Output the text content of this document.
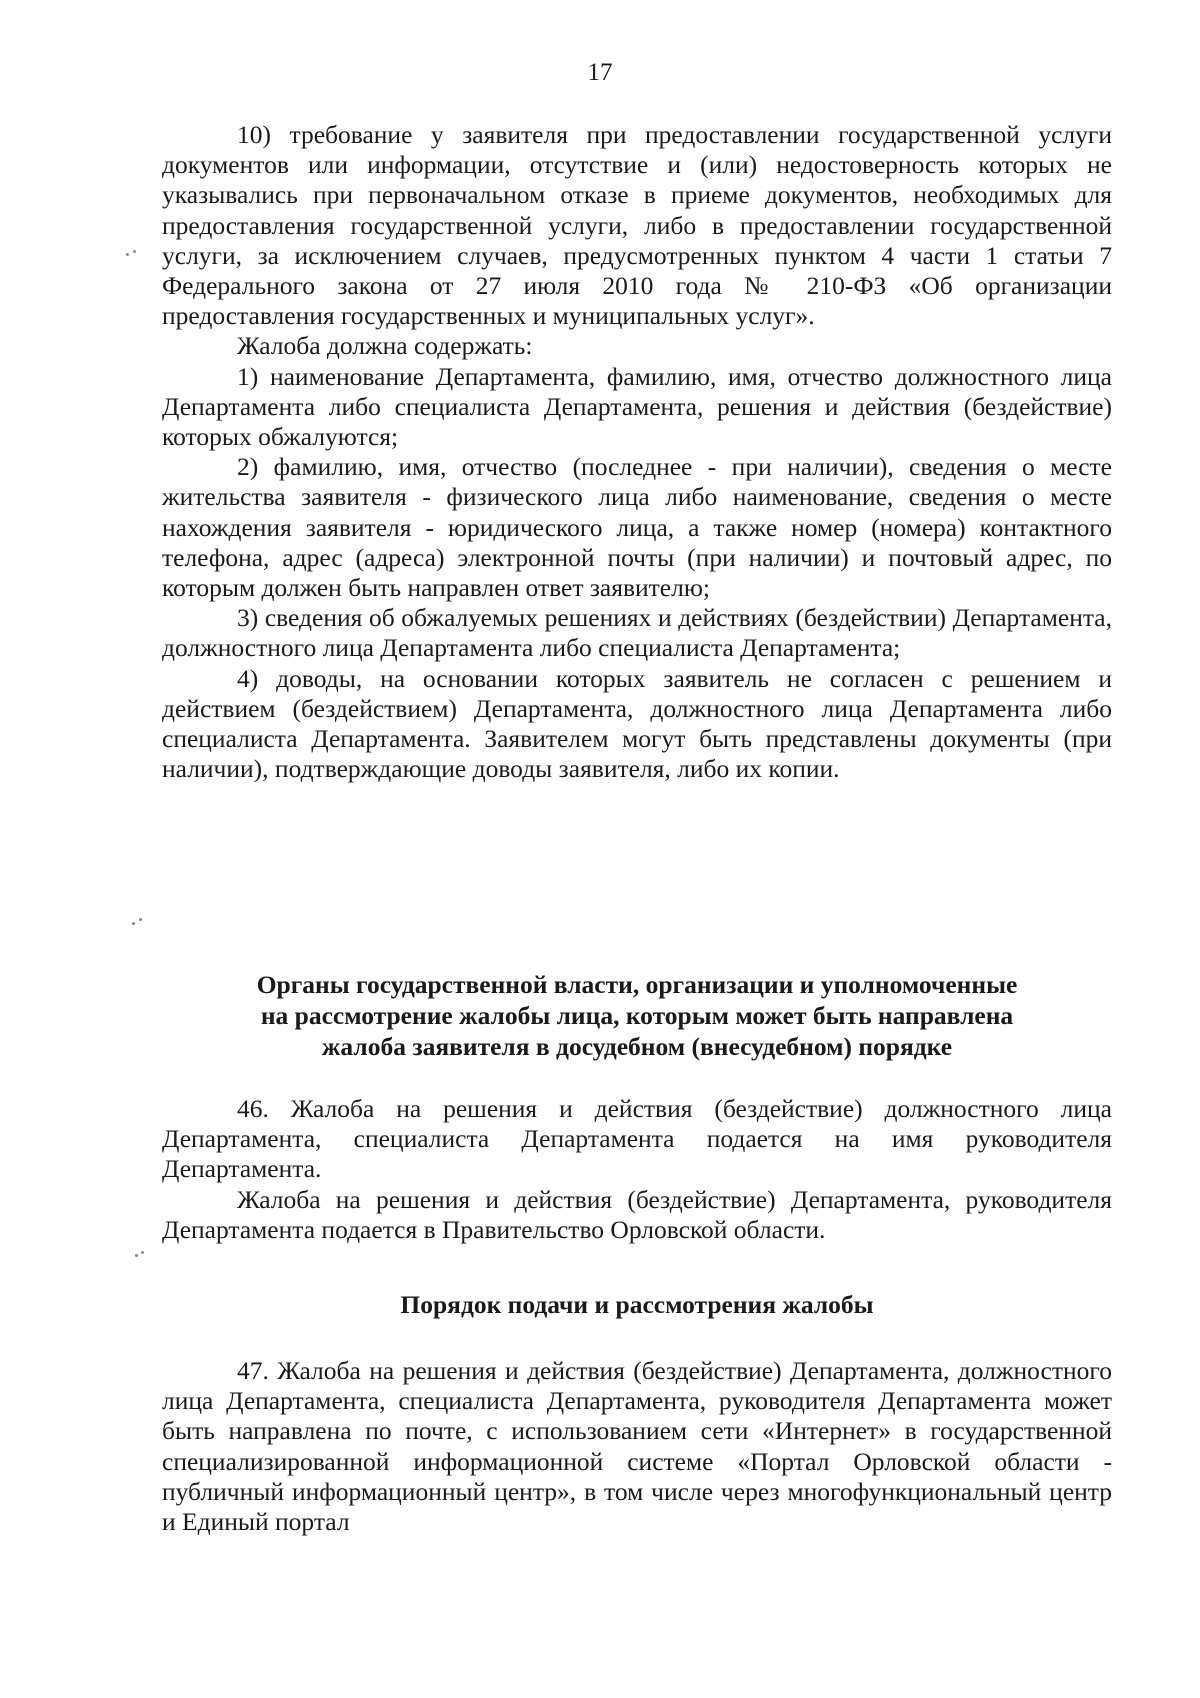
17

10) требование у заявителя при предоставлении государственной услуги документов или информации, отсутствие и (или) недостоверность которых не указывались при первоначальном отказе в приеме документов, необходимых для предоставления государственной услуги, либо в предоставлении государственной услуги, за исключением случаев, предусмотренных пунктом 4 части 1 статьи 7 Федерального закона от 27 июля 2010 года № 210-ФЗ «Об организации предоставления государственных и муниципальных услуг».

Жалоба должна содержать:

1) наименование Департамента, фамилию, имя, отчество должностного лица Департамента либо специалиста Департамента, решения и действия (бездействие) которых обжалуются;

2) фамилию, имя, отчество (последнее - при наличии), сведения о месте жительства заявителя - физического лица либо наименование, сведения о месте нахождения заявителя - юридического лица, а также номер (номера) контактного телефона, адрес (адреса) электронной почты (при наличии) и почтовый адрес, по которым должен быть направлен ответ заявителю;

3) сведения об обжалуемых решениях и действиях (бездействии) Департамента, должностного лица Департамента либо специалиста Департамента;

4) доводы, на основании которых заявитель не согласен с решением и действием (бездействием) Департамента, должностного лица Департамента либо специалиста Департамента. Заявителем могут быть представлены документы (при наличии), подтверждающие доводы заявителя, либо их копии.

Органы государственной власти, организации и уполномоченные
на рассмотрение жалобы лица, которым может быть направлена
жалоба заявителя в досудебном (внесудебном) порядке

46. Жалоба на решения и действия (бездействие) должностного лица Департамента, специалиста Департамента подается на имя руководителя Департамента.

Жалоба на решения и действия (бездействие) Департамента, руководителя Департамента подается в Правительство Орловской области.

Порядок подачи и рассмотрения жалобы

47. Жалоба на решения и действия (бездействие) Департамента, должностного лица Департамента, специалиста Департамента, руководителя Департамента может быть направлена по почте, с использованием сети «Интернет» в государственной специализированной информационной системе «Портал Орловской области - публичный информационный центр», в том числе через многофункциональный центр и Единый портал
